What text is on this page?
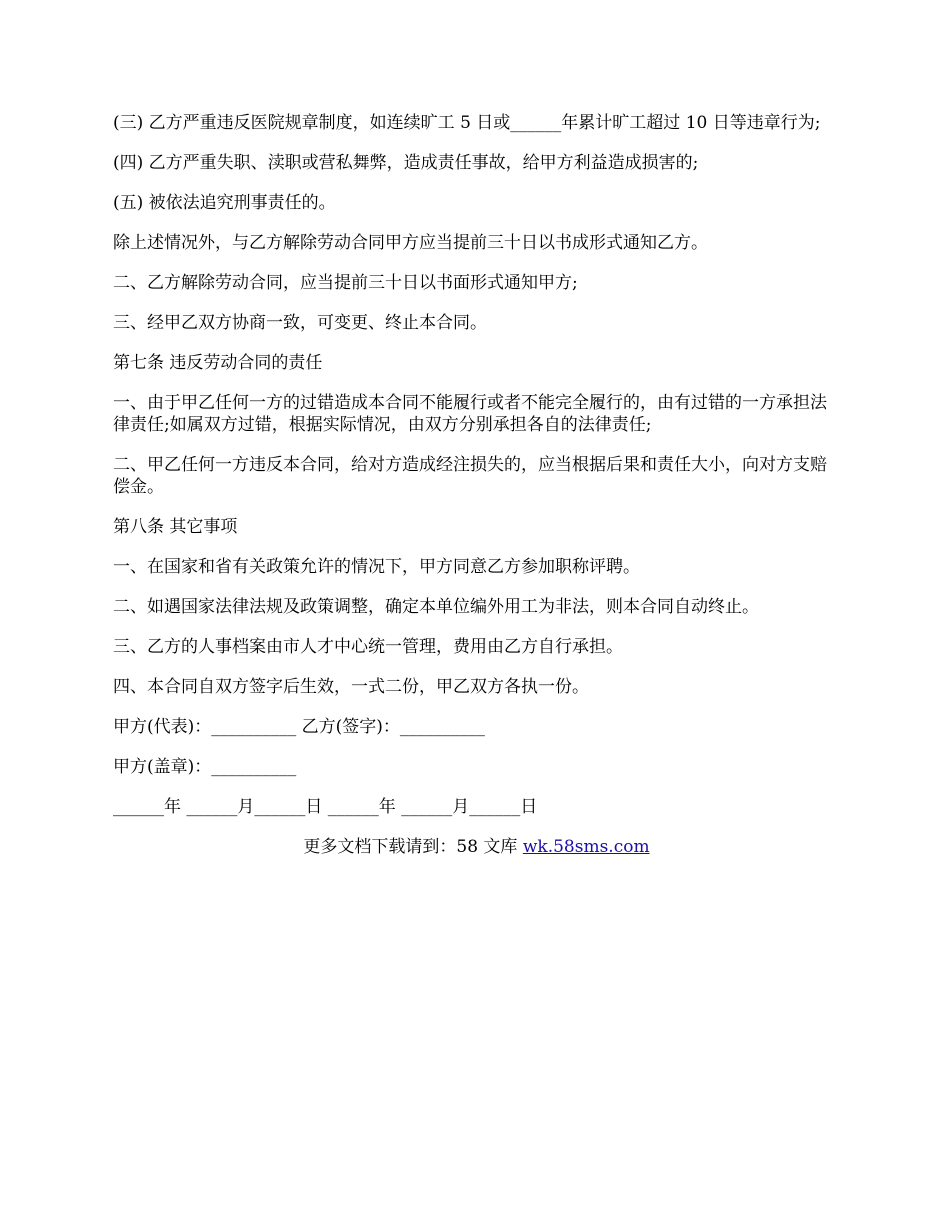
(三) 乙方严重违反医院规章制度，如连续旷工 5 日或______年累计旷工超过 10 日等违章行为;

(四) 乙方严重失职、渎职或营私舞弊，造成责任事故，给甲方利益造成损害的;

(五) 被依法追究刑事责任的。

除上述情况外，与乙方解除劳动合同甲方应当提前三十日以书成形式通知乙方。

二、乙方解除劳动合同，应当提前三十日以书面形式通知甲方;

三、经甲乙双方协商一致，可变更、终止本合同。

第七条 违反劳动合同的责任

一、由于甲乙任何一方的过错造成本合同不能履行或者不能完全履行的，由有过错的一方承担法律责任;如属双方过错，根据实际情况，由双方分别承担各自的法律责任;

二、甲乙任何一方违反本合同，给对方造成经注损失的，应当根据后果和责任大小，向对方支赔偿金。

第八条 其它事项

一、在国家和省有关政策允许的情况下，甲方同意乙方参加职称评聘。

二、如遇国家法律法规及政策调整，确定本单位编外用工为非法，则本合同自动终止。

三、乙方的人事档案由市人才中心统一管理，费用由乙方自行承担。

四、本合同自双方签字后生效，一式二份，甲乙双方各执一份。

甲方(代表)：__________ 乙方(签字)：__________

甲方(盖章)：__________

______年 ______月______日 ______年 ______月______日

更多文档下载请到：58 文库 wk.58sms.com
